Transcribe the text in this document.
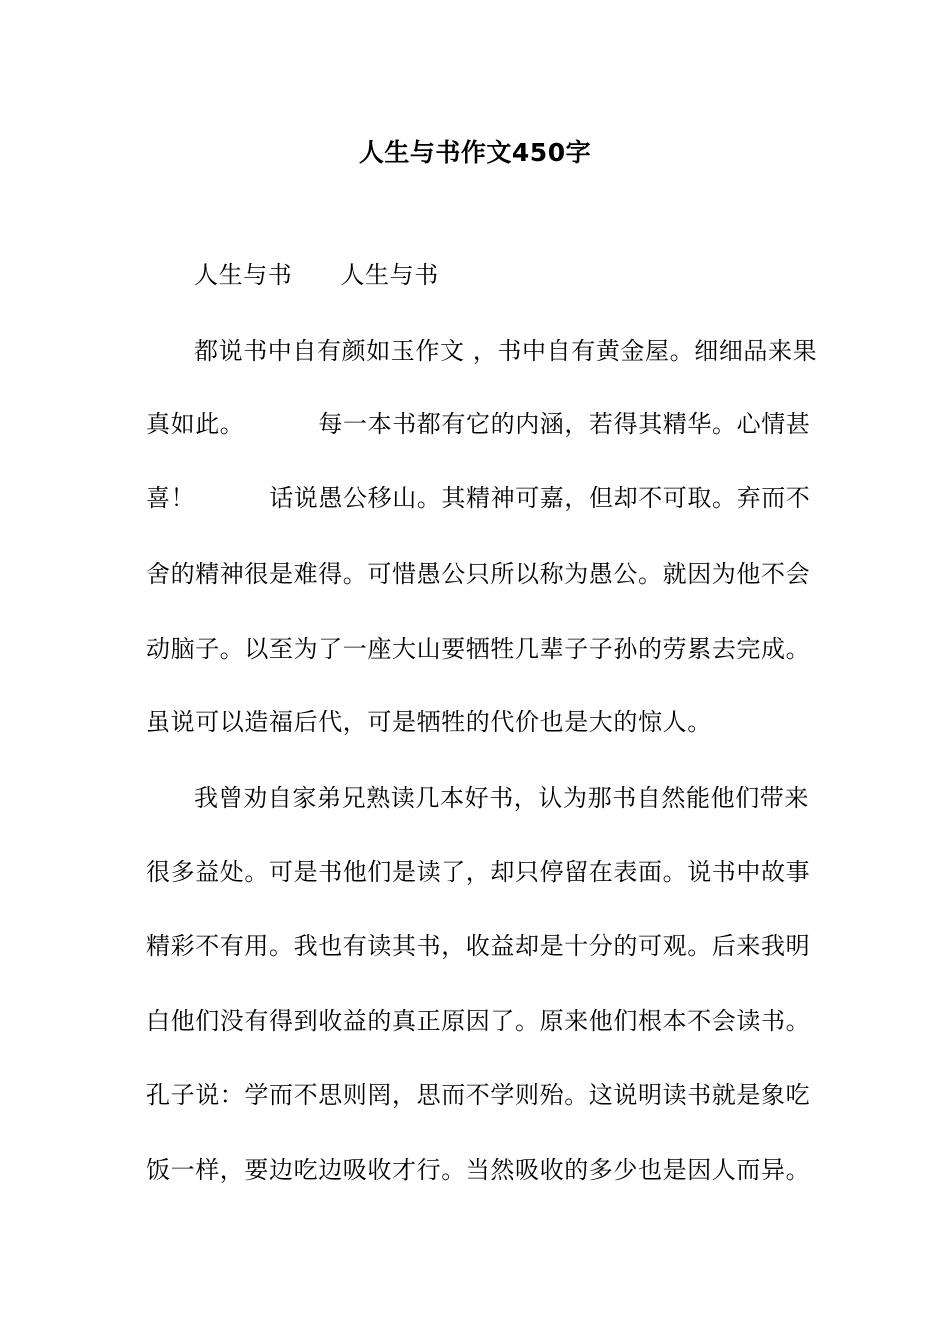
人生与书作文450字
人生与书 人生与书
都说书中自有颜如玉作文 ，书中自有黄金屋。细细品来果
真如此。	每一本书都有它的内涵，若得其精华。心情甚
喜！	话说愚公移山。其精神可嘉，但却不可取。弃而不
舍的精神很是难得。可惜愚公只所以称为愚公。就因为他不会
动脑子。以至为了一座大山要牺牲几辈子子孙的劳累去完成。
虽说可以造福后代，可是牺牲的代价也是大的惊人。
我曾劝自家弟兄熟读几本好书，认为那书自然能他们带来
很多益处。可是书他们是读了，却只停留在表面。说书中故事
精彩不有用。我也有读其书，收益却是十分的可观。后来我明
白他们没有得到收益的真正原因了。原来他们根本不会读书。
孔子说：学而不思则罔，思而不学则殆。这说明读书就是象吃
饭一样，要边吃边吸收才行。当然吸收的多少也是因人而异。
